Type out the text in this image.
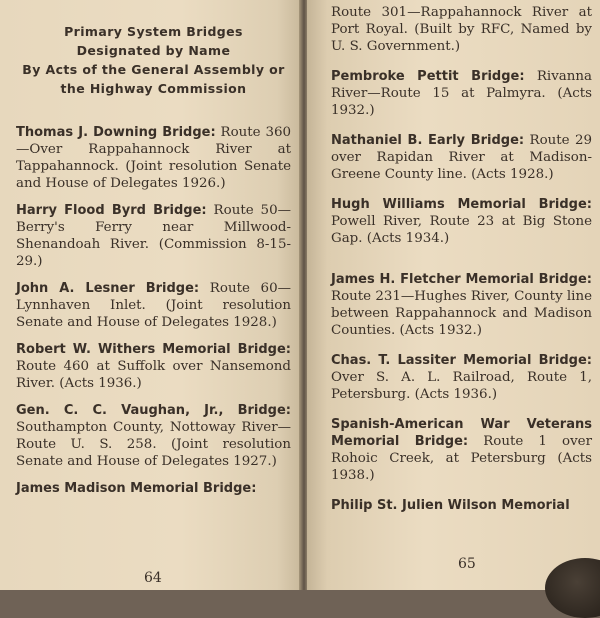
Primary System Bridges
Designated by Name
By Acts of the General Assembly or
the Highway Commission
Thomas J. Downing Bridge: Route 360—Over Rappahannock River at Tappahannock. (Joint resolution Senate and House of Delegates 1926.)
Harry Flood Byrd Bridge: Route 50—Berry's Ferry near Millwood-Shenandoah River. (Commission 8-15-29.)
John A. Lesner Bridge: Route 60—Lynnhaven Inlet. (Joint resolution Senate and House of Delegates 1928.)
Robert W. Withers Memorial Bridge: Route 460 at Suffolk over Nansemond River. (Acts 1936.)
Gen. C. C. Vaughan, Jr., Bridge: Southampton County, Nottoway River—Route U. S. 258. (Joint resolution Senate and House of Delegates 1927.)
James Madison Memorial Bridge:
Route 301—Rappahannock River at Port Royal. (Built by RFC, Named by U. S. Government.)
Pembroke Pettit Bridge: Rivanna River—Route 15 at Palmyra. (Acts 1932.)
Nathaniel B. Early Bridge: Route 29 over Rapidan River at Madison-Greene County line. (Acts 1928.)
Hugh Williams Memorial Bridge: Powell River, Route 23 at Big Stone Gap. (Acts 1934.)
James H. Fletcher Memorial Bridge: Route 231—Hughes River, County line between Rappahannock and Madison Counties. (Acts 1932.)
Chas. T. Lassiter Memorial Bridge: Over S. A. L. Railroad, Route 1, Petersburg. (Acts 1936.)
Spanish-American War Veterans Memorial Bridge: Route 1 over Rohoic Creek, at Petersburg (Acts 1938.)
Philip St. Julien Wilson Memorial
64
65
